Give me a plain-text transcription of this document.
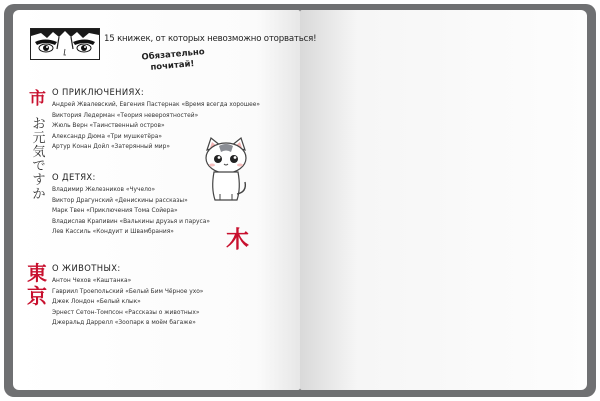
15 книжек, от которых невозможно оторваться!
Обязательно
почитай!
市
お
元
気
で
す
か
東
京
О ПРИКЛЮЧЕНИЯХ:
Андрей Жвалевский, Евгения Пастернак «Время всегда хорошее»
Виктория Ледерман «Теория невероятностей»
Жюль Верн «Таинственный остров»
Александр Дюма «Три мушкетёра»
Артур Конан Дойл «Затерянный мир»
О ДЕТЯХ:
Владимир Железников «Чучело»
Виктор Драгунский «Денискины рассказы»
Марк Твен «Приключения Тома Сойера»
Владислав Крапивин «Валькины друзья и паруса»
Лев Кассиль «Кондуит и Швамбрания»
О ЖИВОТНЫХ:
Антон Чехов «Каштанка»
Гавриил Троепольский «Белый Бим Чёрное ухо»
Джек Лондон «Белый клык»
Эрнест Сетон-Томпсон «Рассказы о животных»
Джеральд Даррелл «Зоопарк в моём багаже»
木
